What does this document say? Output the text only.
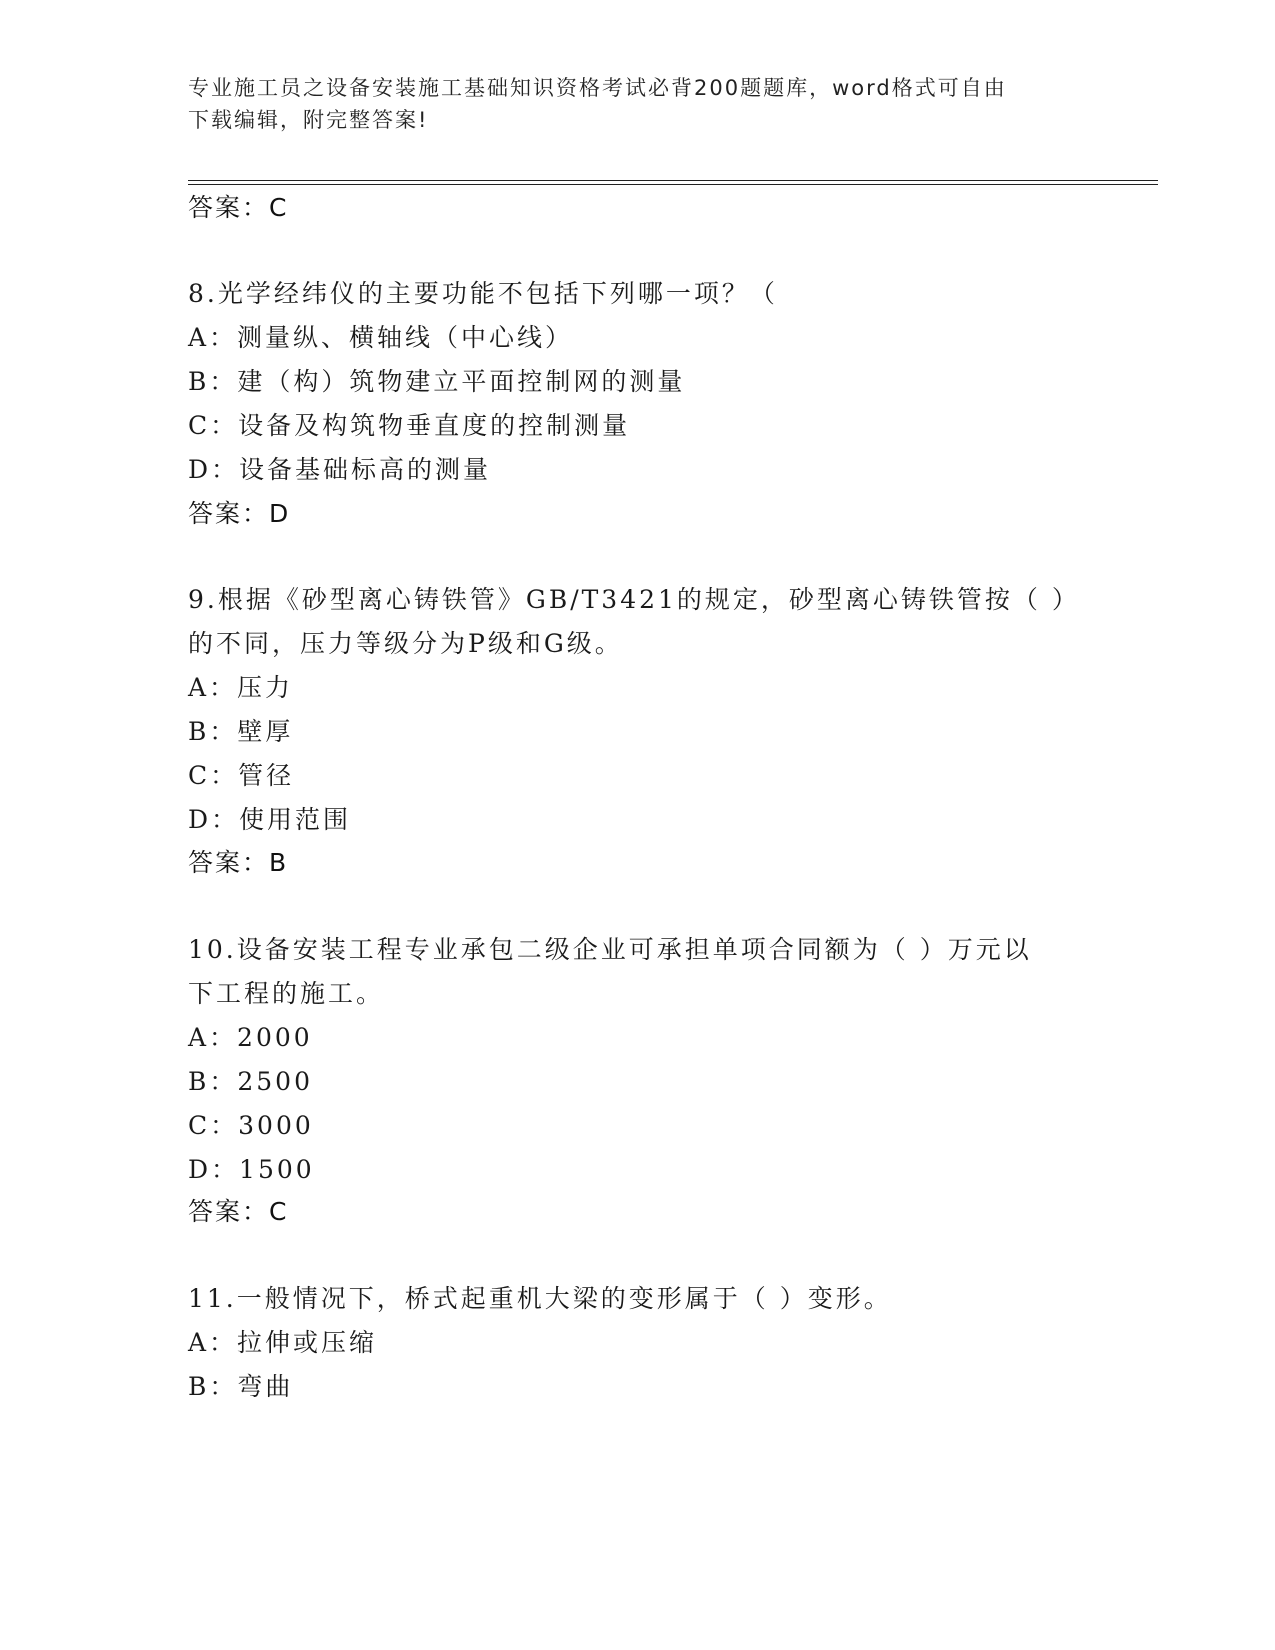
专业施工员之设备安装施工基础知识资格考试必背200题题库，word格式可自由
下载编辑，附完整答案!
答案：C
8.光学经纬仪的主要功能不包括下列哪一项？（
A：测量纵、横轴线（中心线）
B：建（构）筑物建立平面控制网的测量
C：设备及构筑物垂直度的控制测量
D：设备基础标高的测量
答案：D
9.根据《砂型离心铸铁管》GB/T3421的规定，砂型离心铸铁管按（ ）
的不同，压力等级分为P级和G级。
A：压力
B：壁厚
C：管径
D：使用范围
答案：B
10.设备安装工程专业承包二级企业可承担单项合同额为（ ）万元以
下工程的施工。
A：2000
B：2500
C：3000
D：1500
答案：C
11.一般情况下，桥式起重机大梁的变形属于（ ）变形。
A：拉伸或压缩
B：弯曲
